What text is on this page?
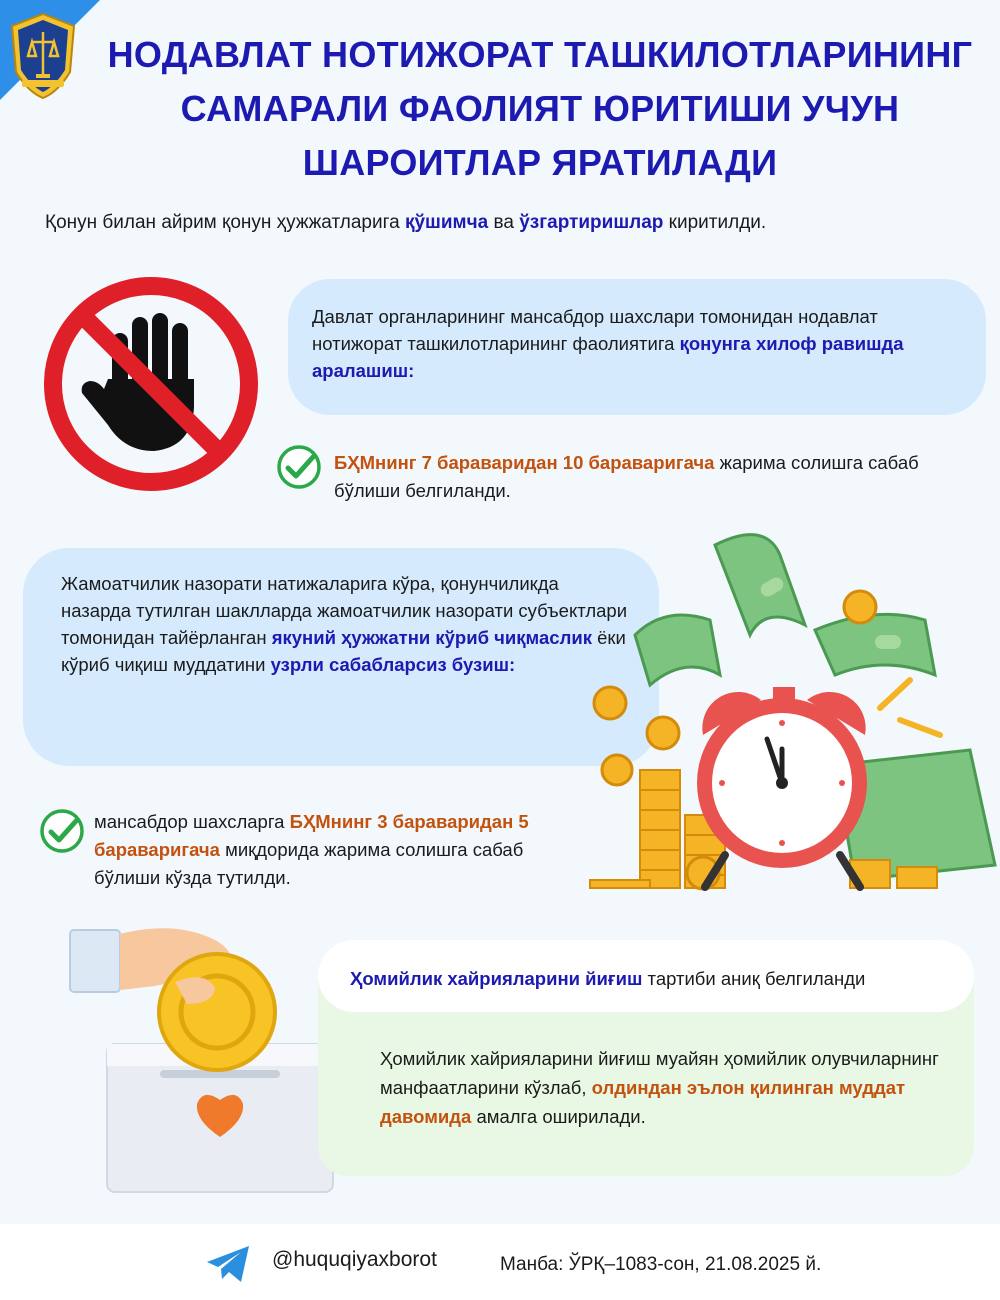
НОДАВЛАТ НОТИЖОРАТ ТАШКИЛОТЛАРИНИНГ
САМАРАЛИ ФАОЛИЯТ ЮРИТИШИ УЧУН
ШАРОИТЛАР ЯРАТИЛАДИ

Қонун билан айрим қонун ҳужжатларига қўшимча ва ўзгартиришлар киритилди.

Давлат органларининг мансабдор шахслари томонидан нодавлат нотижорат ташкилотларининг фаолиятига қонунга хилоф равишда аралашиш:

БҲМнинг 7 бараваридан 10 бараваригача жарима солишга сабаб бўлиши белгиланди.

Жамоатчилик назорати натижаларига кўра, қонунчиликда назарда тутилган шаклларда жамоатчилик назорати субъектлари томонидан тайёрланган якуний ҳужжатни кўриб чиқмаслик ёки кўриб чиқиш муддатини узрли сабабларсиз бузиш:

мансабдор шахсларга БҲМнинг 3 бараваридан 5 бараваригача миқдорида жарима солишга сабаб бўлиши кўзда тутилди.

Ҳомийлик хайрияларини йиғиш тартиби аниқ белгиланди

Ҳомийлик хайрияларини йиғиш муайян ҳомийлик олувчиларнинг манфаатларини кўзлаб, олдиндан эълон қилинган муддат давомида амалга оширилади.

@huquqiyaxborot	Манба: ЎРҚ–1083-сон, 21.08.2025 й.
